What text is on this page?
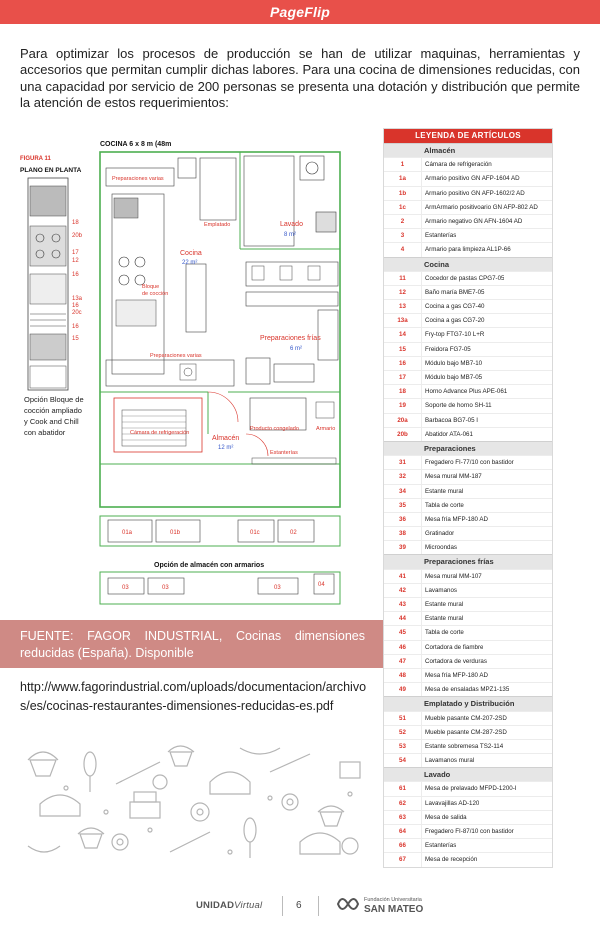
PageFlip

Para optimizar los procesos de producción se han de utilizar maquinas, herramientas y accesorios que permitan cumplir dichas labores. Para una cocina de dimensiones reducidas, con una capacidad por servicio de 200 personas se presenta una dotación y distribución que permite la atención de estos requerimientos:

FIGURA 11
PLANO EN PLANTA
18
20b
17
12
16
13a
16
20c
16
15
Opción Bloque de
cocción ampliado
y Cook and Chill
con abatidor
COCINA 6 x 8 m (48m
Preparaciones varias
Emplatado	Lavado
8 m²
Bloque
de cocción
Cocina
22 m²
Preparaciones frías
6 m²
Preparaciones varias
Cámara de refrigeración
Almacén
12 m²
Producto congelado	Armario
Estanterías
01a	01b	01c	02
Opción de almacén con armarios
03	03	03	04
FUENTE: FAGOR INDUSTRIAL, Cocinas dimensiones reducidas (España). Disponible
http://www.fagorindustrial.com/uploads/documentacion/archivos/es/cocinas-restaurantes-dimensiones-reducidas-es.pdf
LEYENDA DE ARTÍCULOS
Almacén
1	Cámara de refrigeración
1a	Armario positivo GN AFP-1604 AD
1b	Armario positivo GN AFP-1602/2 AD
1c	ArmArmario positivoario GN AFP-802 AD
2	Armario negativo GN AFN-1604 AD
3	Estanterías
4	Armario para limpieza AL1P-66
Cocina
11	Cocedor de pastas CPG7-05
12	Baño maría BME7-05
13	Cocina a gas CG7-40
13a	Cocina a gas CG7-20
14	Fry-top FTG7-10 L+R
15	Freidora FG7-05
16	Módulo bajo MB7-10
17	Módulo bajo MB7-05
18	Horno Advance Plus APE-061
19	Soporte de horno SH-11
20a	Barbacoa BG7-05 I
20b	Abatidor ATA-061
Preparaciones
31	Fregadero FI-77/10 con bastidor
32	Mesa mural MM-187
34	Estante mural
35	Tabla de corte
36	Mesa fría MFP-180 AD
38	Gratinador
39	Microondas
Preparaciones frías
41	Mesa mural MM-107
42	Lavamanos
43	Estante mural
44	Estante mural
45	Tabla de corte
46	Cortadora de fiambre
47	Cortadora de verduras
48	Mesa fría MFP-180 AD
49	Mesa de ensaladas MPZ1-135
Emplatado y Distribución
51	Mueble pasante CM-207-2SD
52	Mueble pasante CM-287-2SD
53	Estante sobremesa TS2-114
54	Lavamanos mural
Lavado
61	Mesa de prelavado MFPD-1200-I
62	Lavavajillas AD-120
63	Mesa de salida
64	Fregadero FI-87/10 con bastidor
66	Estanterías
67	Mesa de recepción
UNIDADVirtual	6	Fundación Universitaria
SAN MATEO
